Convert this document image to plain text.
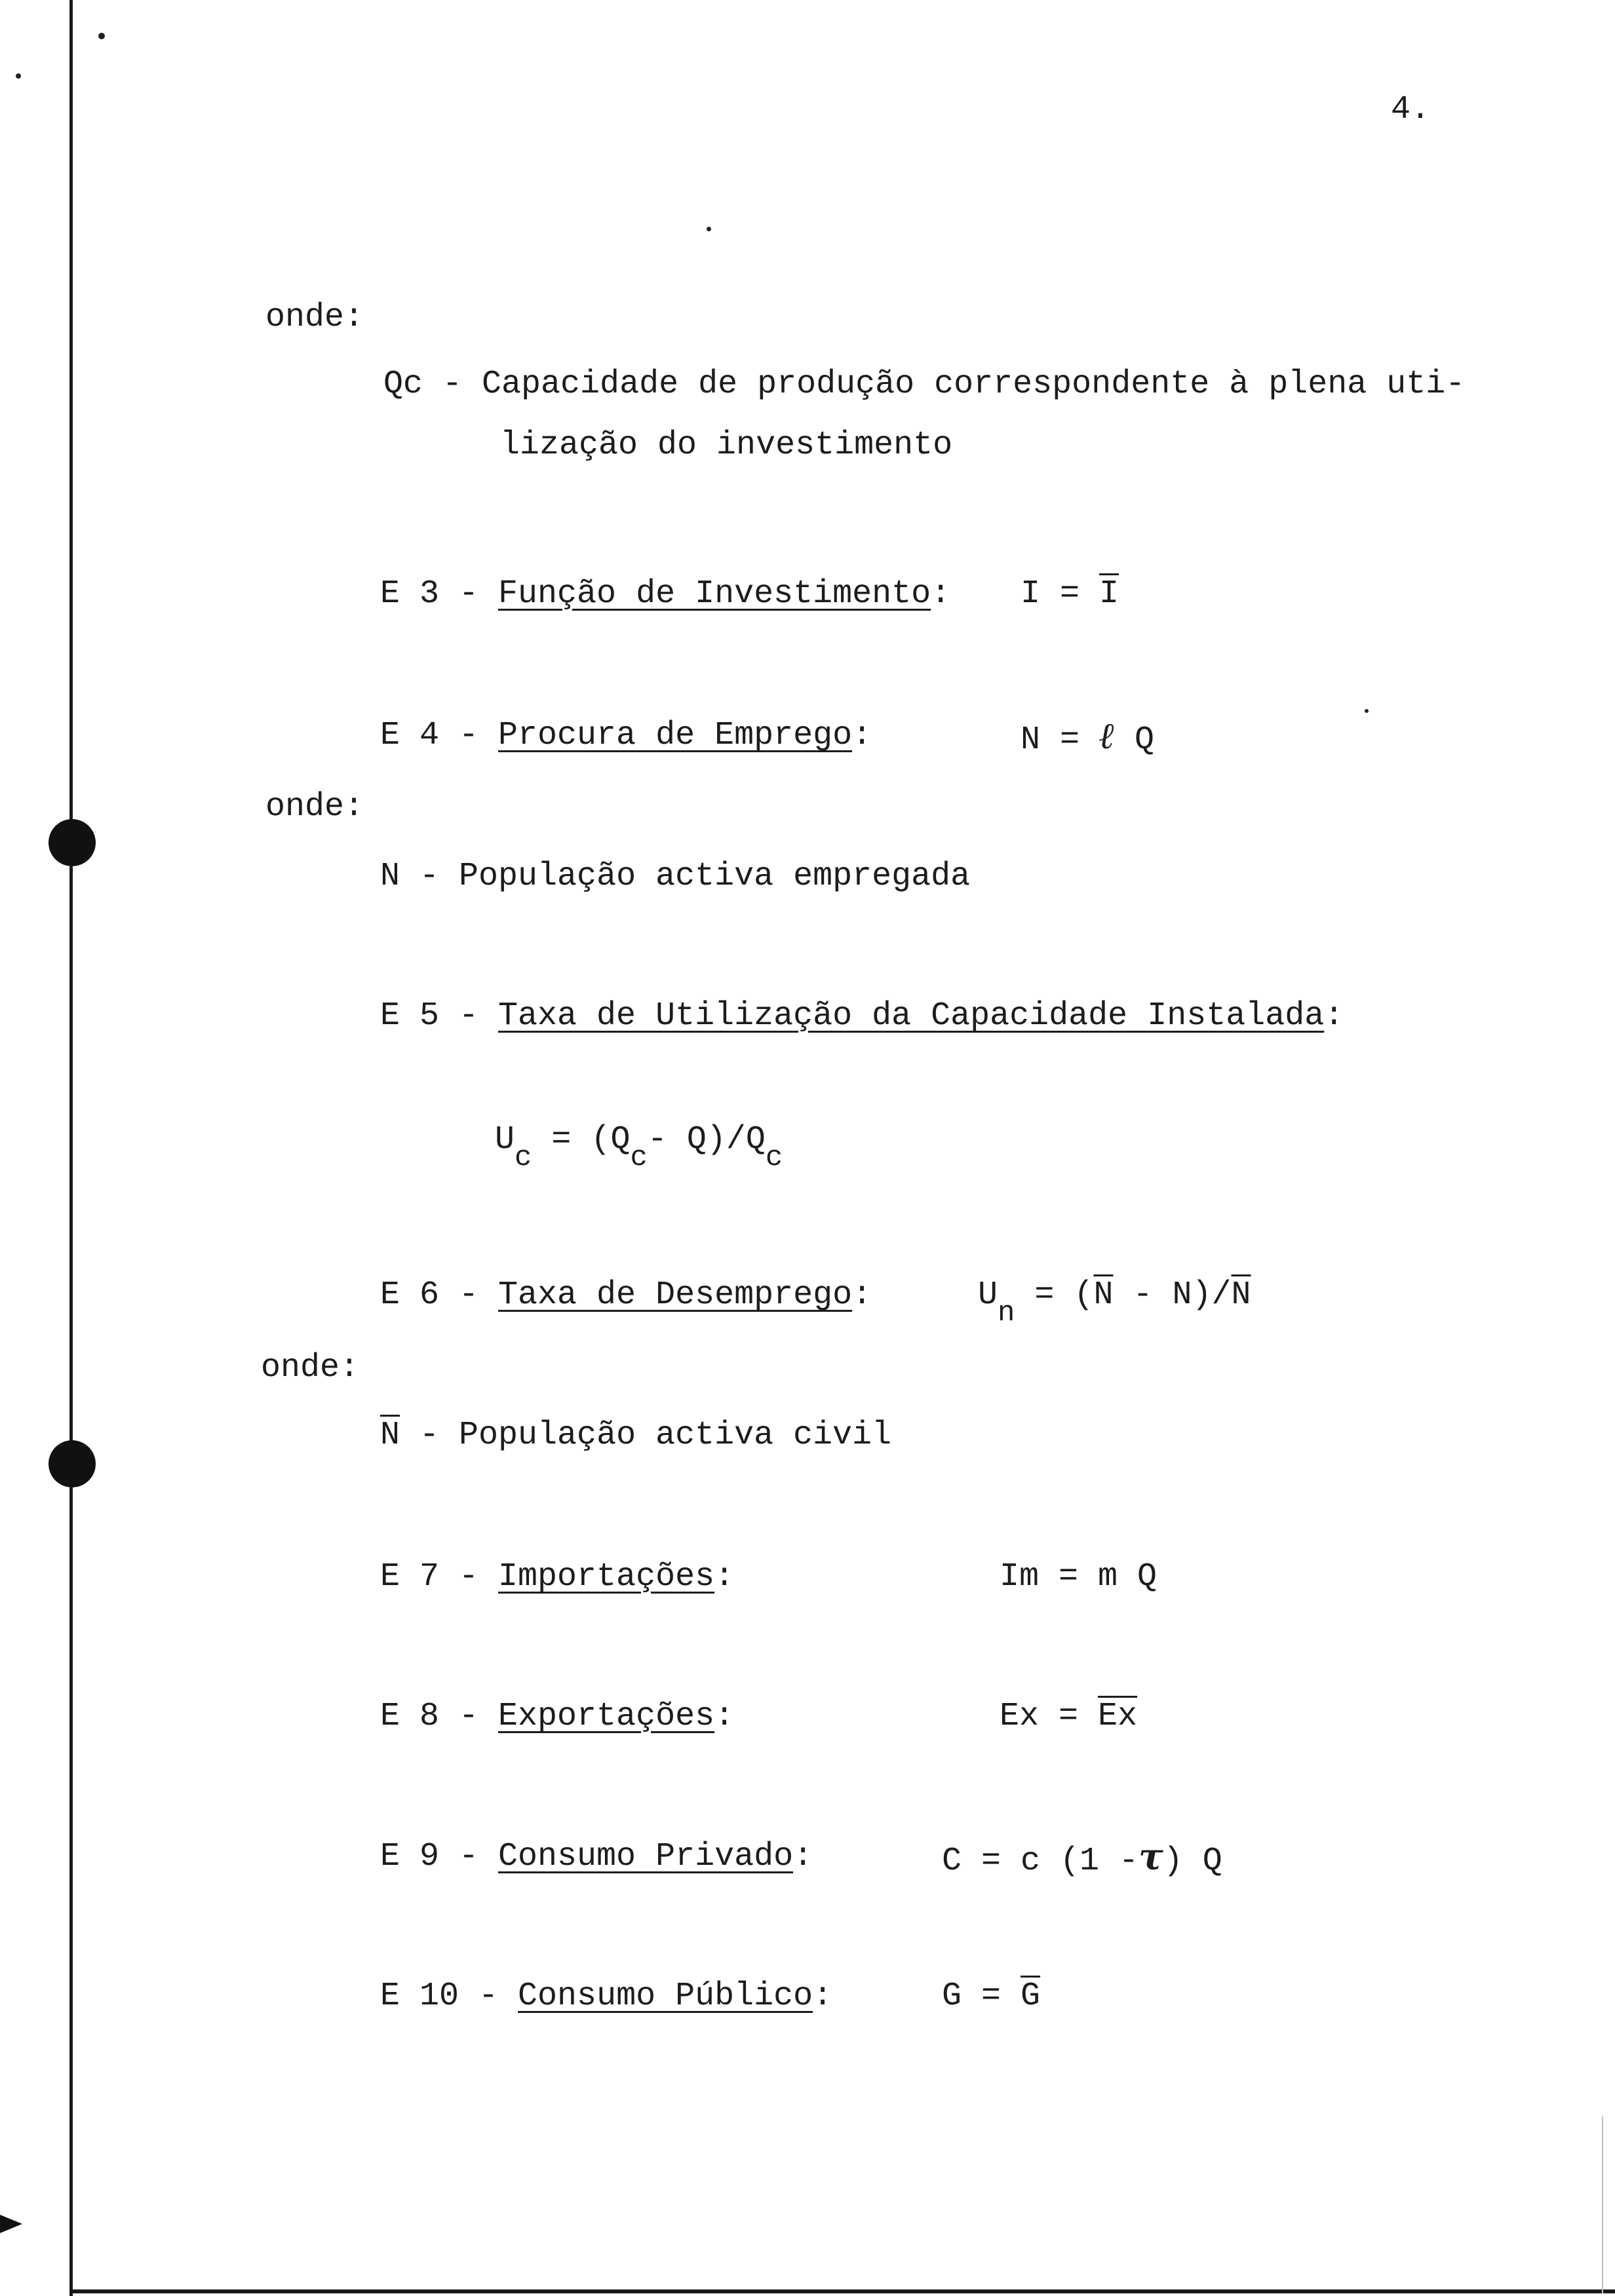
4.

onde:

Qc - Capacidade de produção correspondente à plena uti-

lização do investimento

E 3 - Função de Investimento: $I = \overline{I}$

E 4 - Procura de Emprego:	N = ℓ Q

onde:

N - População activa empregada

E 5 - Taxa de Utilização da Capacidade Instalada:

Uc = (Qc- Q)/Qc

E 6 - Taxa de Desemprego:	$Un = (\overline{N} - N)/\overline{N}$

onde:

$\overline{N}$ - População activa civil

E 7 - Importações:	Im = m Q

E 8 - Exportações:	$Ex = \overline{Ex}$

E 9 - Consumo Privado:	C = c (1 -τ) Q

E 10 - Consumo Público:	$G = \overline{G}$
